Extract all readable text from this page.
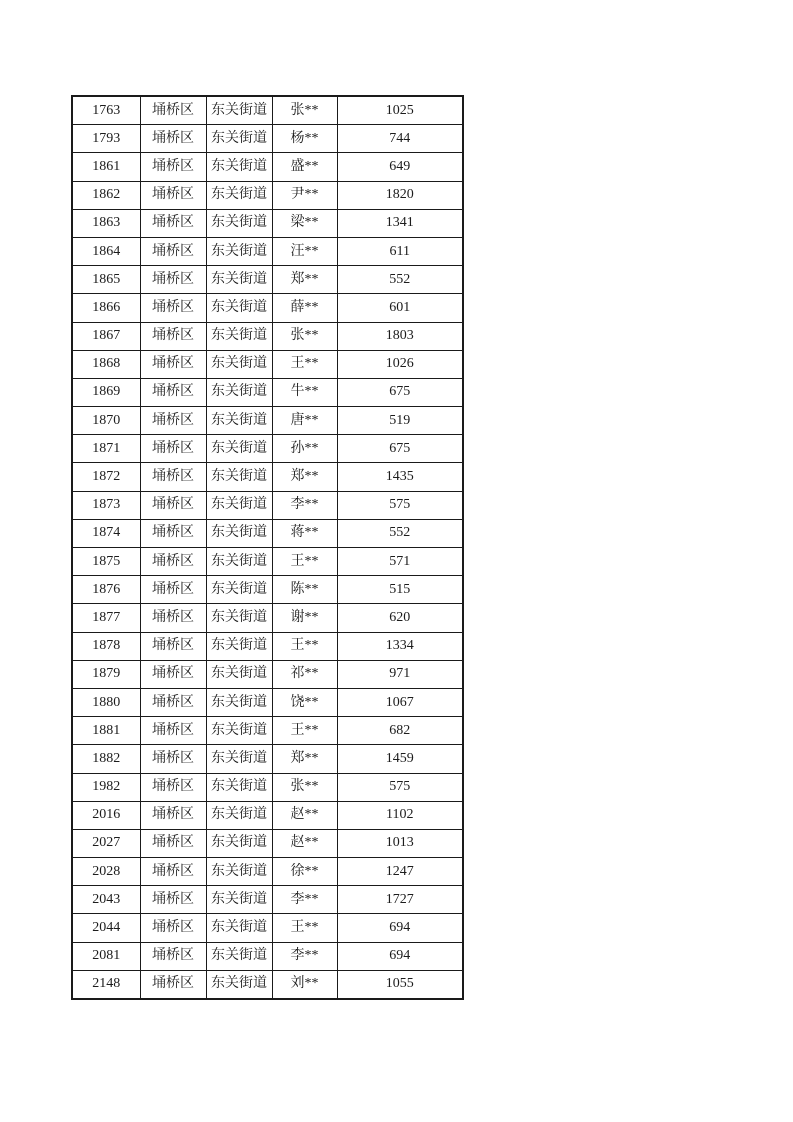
1763	埇桥区	东关街道	张**	1025
1793	埇桥区	东关街道	杨**	744
1861	埇桥区	东关街道	盛**	649
1862	埇桥区	东关街道	尹**	1820
1863	埇桥区	东关街道	梁**	1341
1864	埇桥区	东关街道	汪**	611
1865	埇桥区	东关街道	郑**	552
1866	埇桥区	东关街道	薛**	601
1867	埇桥区	东关街道	张**	1803
1868	埇桥区	东关街道	王**	1026
1869	埇桥区	东关街道	牛**	675
1870	埇桥区	东关街道	唐**	519
1871	埇桥区	东关街道	孙**	675
1872	埇桥区	东关街道	郑**	1435
1873	埇桥区	东关街道	李**	575
1874	埇桥区	东关街道	蒋**	552
1875	埇桥区	东关街道	王**	571
1876	埇桥区	东关街道	陈**	515
1877	埇桥区	东关街道	谢**	620
1878	埇桥区	东关街道	王**	1334
1879	埇桥区	东关街道	祁**	971
1880	埇桥区	东关街道	饶**	1067
1881	埇桥区	东关街道	王**	682
1882	埇桥区	东关街道	郑**	1459
1982	埇桥区	东关街道	张**	575
2016	埇桥区	东关街道	赵**	1102
2027	埇桥区	东关街道	赵**	1013
2028	埇桥区	东关街道	徐**	1247
2043	埇桥区	东关街道	李**	1727
2044	埇桥区	东关街道	王**	694
2081	埇桥区	东关街道	李**	694
2148	埇桥区	东关街道	刘**	1055
